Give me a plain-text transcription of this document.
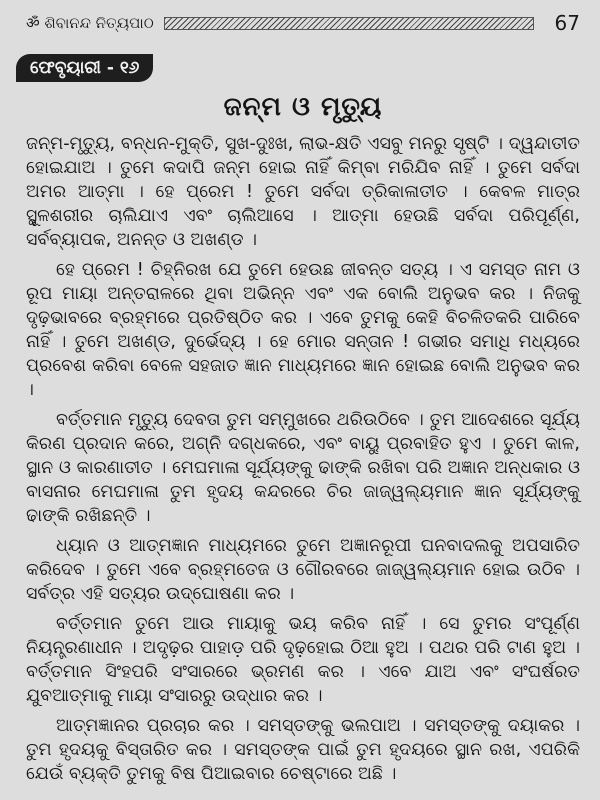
ॐ ଶିବାନନ୍ଦ ନିତ୍ୟପାଠ	67
ଫେବୃୟାରୀ - ୧୬
ଜନ୍ମ ଓ ମୃତ୍ୟୁ

ଜନ୍ମ-ମୃତ୍ୟୁ, ବନ୍ଧନ-ମୁକ୍ତି, ସୁଖ-ଦୁଃଖ, ଲାଭ-କ୍ଷତି ଏସବୁ ମନରୁ ସୃଷ୍ଟି । ଦ୍ୱନ୍ଦାତୀତ ହୋଇଯାଅ । ତୁମେ କଦାପି ଜନ୍ମ ହୋଇ ନାହିଁ କିମ୍ବା ମରିଯିବ ନାହିଁ । ତୁମେ ସର୍ବଦା ଅମର ଆତ୍ମା । ହେ ପ୍ରେମ ! ତୁମେ ସର୍ବଦା ତ୍ରିକାଳାତୀତ । କେବଳ ମାତ୍ର ସ୍ଥୂଳଶରୀର ଚାଲିଯାଏ ଏବଂ ଚାଲିଆସେ । ଆତ୍ମା ହେଉଛି ସର୍ବଦା ପରିପୂର୍ଣ୍ଣ, ସର୍ବବ୍ୟାପକ, ଅନନ୍ତ ଓ ଅଖଣ୍ଡ ।

ହେ ପ୍ରେମ ! ଚିହ୍ନିରଖ ଯେ ତୁମେ ହେଉଛ ଜୀବନ୍ତ ସତ୍ୟ । ଏ ସମସ୍ତ ନାମ ଓ ରୂପ ମାୟା ଅନ୍ତରାଳରେ ଥିବା ଅଭିନ୍ନ ଏବଂ ଏକ ବୋଲି ଅନୁଭବ କର । ନିଜକୁ ଦୃଢ଼ଭାବରେ ବ୍ରହ୍ମରେ ପ୍ରତିଷ୍ଠିତ କର । ଏବେ ତୁମକୁ କେହି ବିଚଳିତକରି ପାରିବେ ନାହିଁ । ତୁମେ ଅଖଣ୍ଡ, ଦୁର୍ଭେଦ୍ୟ । ହେ ମୋର ସନ୍ତାନ ! ଗଭୀର ସମାଧି ମଧ୍ୟରେ ପ୍ରବେଶ କରିବା ବେଳେ ସହଜାତ ଜ୍ଞାନ ମାଧ୍ୟମରେ ଜ୍ଞାନ ହୋଇଛ ବୋଲି ଅନୁଭବ କର ।

ବର୍ତ୍ତମାନ ମୃତ୍ୟୁ ଦେବତା ତୁମ ସମ୍ମୁଖରେ ଥରିଉଠିବେ । ତୁମ ଆଦେଶରେ ସୂର୍ଯ୍ୟ କିରଣ ପ୍ରଦାନ କରେ, ଅଗ୍ନି ଦଗ୍ଧକରେ, ଏବଂ ବାୟୁ ପ୍ରବାହିତ ହୁଏ । ତୁମେ କାଳ, ସ୍ଥାନ ଓ କାରଣାତୀତ । ମେଘମାଳା ସୂର୍ଯ୍ୟଙ୍କୁ ଢାଙ୍କି ରଖିବା ପରି ଅଜ୍ଞାନ ଅନ୍ଧକାର ଓ ବାସନାର ମେଘମାଳା ତୁମ ହୃଦୟ କନ୍ଦରରେ ଚିର ଜାଜ୍ୱଲ୍ୟମାନ ଜ୍ଞାନ ସୂର୍ଯ୍ୟଙ୍କୁ ଢାଙ୍କି ରଖିଛନ୍ତି ।

ଧ୍ୟାନ ଓ ଆତ୍ମଜ୍ଞାନ ମାଧ୍ୟମରେ ତୁମେ ଅଜ୍ଞାନରୂପୀ ଘନବାଦଲକୁ ଅପସାରିତ କରିଦେବ । ତୁମେ ଏବେ ବ୍ରହ୍ମତେଜ ଓ ଗୌରବରେ ଜାଜ୍ୱଲ୍ୟମାନ ହୋଇ ଉଠିବ । ସର୍ବତ୍ର ଏହି ସତ୍ୟର ଉଦ୍‌ଘୋଷଣା କର ।

ବର୍ତ୍ତମାନ ତୁମେ ଆଉ ମାୟାକୁ ଭୟ କରିବ ନାହିଁ । ସେ ତୁମର ସଂପୂର୍ଣ୍ଣ ନିୟନ୍ତ୍ରଣାଧୀନ । ଅଦୃଢ଼ର ପାହାଡ଼ ପରି ଦୃଢ଼ହୋଇ ଠିଆ ହୁଅ । ପଥର ପରି ଟାଣ ହୁଅ । ବର୍ତ୍ତମାନ ସିଂହପରି ସଂସାରରେ ଭ୍ରମଣ କର । ଏବେ ଯାଅ ଏବଂ ସଂଘର୍ଷରତ ଯୁବଆତ୍ମାକୁ ମାୟା ସଂସାରରୁ ଉଦ୍ଧାର କର ।

ଆତ୍ମଜ୍ଞାନର ପ୍ରଚାର କର । ସମସ୍ତଙ୍କୁ ଭଲପାଅ । ସମସ୍ତଙ୍କୁ ଦୟାକର । ତୁମ ହୃଦୟକୁ ବିସ୍ତାରିତ କର । ସମସ୍ତଙ୍କ ପାଇଁ ତୁମ ହୃଦୟରେ ସ୍ଥାନ ରଖ, ଏପରିକି ଯେଉଁ ବ୍ୟକ୍ତି ତୁମକୁ ବିଷ ପିଆଇବାର ଚେଷ୍ଟାରେ ଅଛି ।
